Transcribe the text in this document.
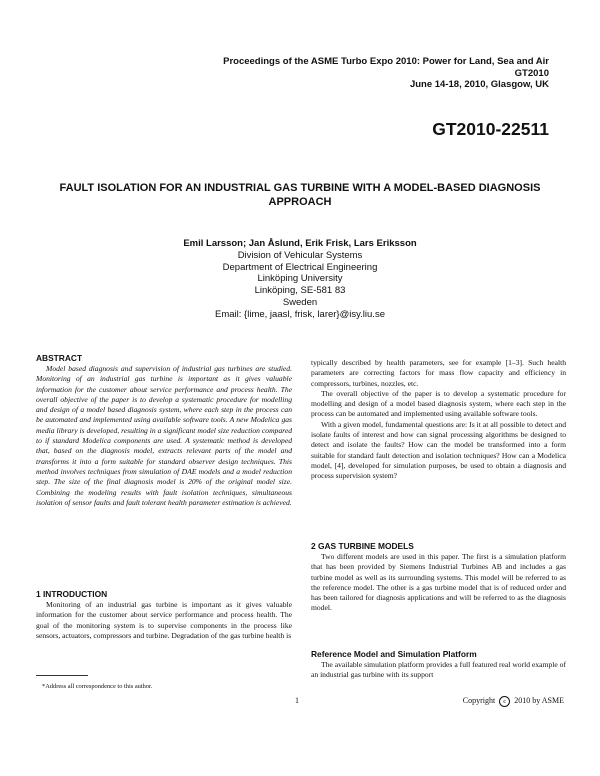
Proceedings of the ASME Turbo Expo 2010: Power for Land, Sea and Air
GT2010
June 14-18, 2010, Glasgow, UK
GT2010-22511
FAULT ISOLATION FOR AN INDUSTRIAL GAS TURBINE WITH A MODEL-BASED DIAGNOSIS APPROACH
Emil Larsson; Jan Åslund, Erik Frisk, Lars Eriksson
Division of Vehicular Systems
Department of Electrical Engineering
Linköping University
Linköping, SE-581 83
Sweden
Email: {lime, jaasl, frisk, larer}@isy.liu.se
ABSTRACT

Model based diagnosis and supervision of industrial gas turbines are studied. Monitoring of an industrial gas turbine is important as it gives valuable information for the customer about service performance and process health. The overall objective of the paper is to develop a systematic procedure for modelling and design of a model based diagnosis system, where each step in the process can be automated and implemented using available software tools. A new Modelica gas media library is developed, resulting in a significant model size reduction compared to if standard Modelica components are used. A systematic method is developed that, based on the diagnosis model, extracts relevant parts of the model and transforms it into a form suitable for standard observer design techniques. This method involves techniques from simulation of DAE models and a model reduction step. The size of the final diagnosis model is 20% of the original model size. Combining the modeling results with fault isolation techniques, simultaneous isolation of sensor faults and fault tolerant health parameter estimation is achieved.

1 INTRODUCTION

Monitoring of an industrial gas turbine is important as it gives valuable information for the customer about service performance and process health. The goal of the monitoring system is to supervise components in the process like sensors, actuators, compressors and turbine. Degradation of the gas turbine health is

typically described by health parameters, see for example [1–3]. Such health parameters are correcting factors for mass flow capacity and efficiency in compressors, turbines, nozzles, etc.

The overall objective of the paper is to develop a systematic procedure for modelling and design of a model based diagnosis system, where each step in the process can be automated and implemented using available software tools.

With a given model, fundamental questions are: Is it at all possible to detect and isolate faults of interest and how can signal processing algorithms be designed to detect and isolate the faults? How can the model be transformed into a form suitable for standard fault detection and isolation techniques? How can a Modelica model, [4], developed for simulation purposes, be used to obtain a diagnosis and process supervision system?

2 GAS TURBINE MODELS

Two different models are used in this paper. The first is a simulation platform that has been provided by Siemens Industrial Turbines AB and includes a gas turbine model as well as its surrounding systems. This model will be referred to as the reference model. The other is a gas turbine model that is of reduced order and has been tailored for diagnosis applications and will be referred to as the diagnosis model.

Reference Model and Simulation Platform

The available simulation platform provides a full featured real world example of an industrial gas turbine with its support

*Address all correspondence to this author.
1	Copyright c 2010 by ASME
